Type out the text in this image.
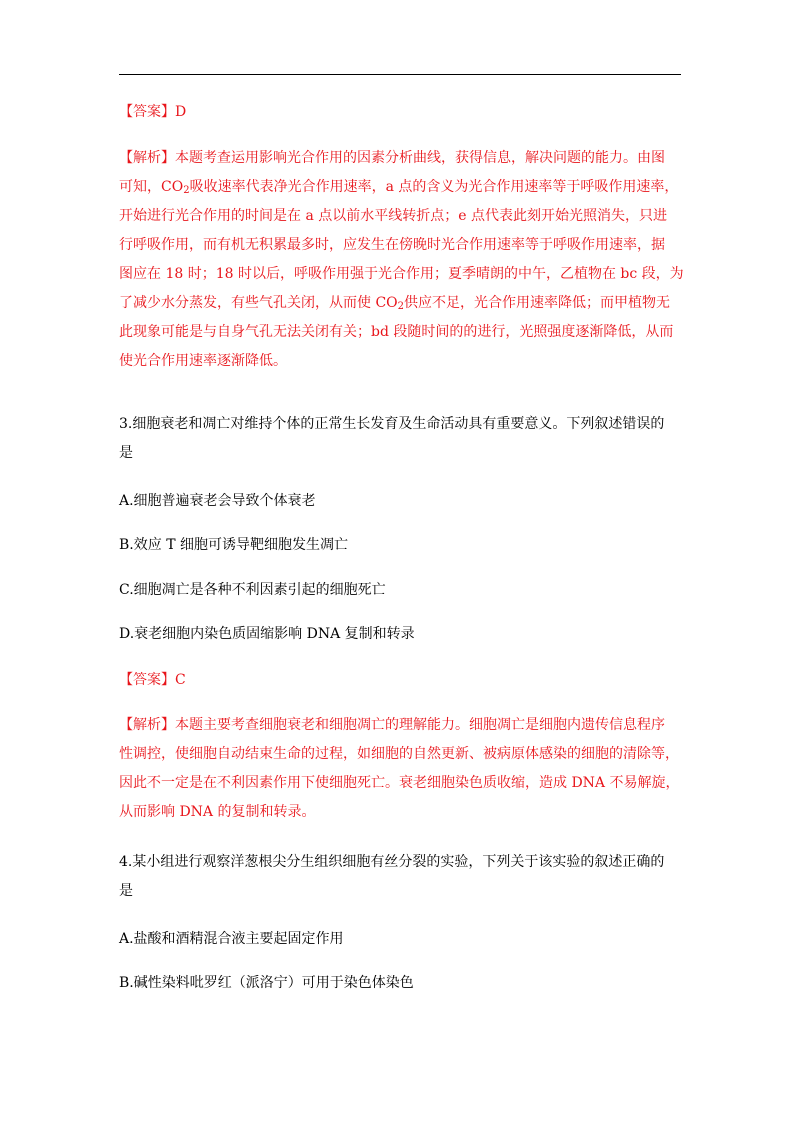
【答案】D

【解析】本题考查运用影响光合作用的因素分析曲线，获得信息，解决问题的能力。由图
可知，$CO_2$吸收速率代表净光合作用速率，a 点的含义为光合作用速率等于呼吸作用速率，
开始进行光合作用的时间是在 a 点以前水平线转折点；e 点代表此刻开始光照消失，只进
行呼吸作用，而有机无积累最多时，应发生在傍晚时光合作用速率等于呼吸作用速率，据
图应在 18 时；18 时以后，呼吸作用强于光合作用；夏季晴朗的中午，乙植物在 bc 段，为
了减少水分蒸发，有些气孔关闭，从而使 $CO_2$供应不足，光合作用速率降低；而甲植物无
此现象可能是与自身气孔无法关闭有关；bd 段随时间的的进行，光照强度逐渐降低，从而
使光合作用速率逐渐降低。
3.细胞衰老和凋亡对维持个体的正常生长发育及生命活动具有重要意义。下列叙述错误的
是

A.细胞普遍衰老会导致个体衰老

B.效应 T 细胞可诱导靶细胞发生凋亡

C.细胞凋亡是各种不利因素引起的细胞死亡

D.衰老细胞内染色质固缩影响 DNA 复制和转录

【答案】C

【解析】本题主要考查细胞衰老和细胞凋亡的理解能力。细胞凋亡是细胞内遗传信息程序
性调控，使细胞自动结束生命的过程，如细胞的自然更新、被病原体感染的细胞的清除等，
因此不一定是在不利因素作用下使细胞死亡。衰老细胞染色质收缩，造成 DNA 不易解旋，
从而影响 DNA 的复制和转录。
4.某小组进行观察洋葱根尖分生组织细胞有丝分裂的实验，下列关于该实验的叙述正确的
是

A.盐酸和酒精混合液主要起固定作用

B.碱性染料吡罗红（派洛宁）可用于染色体染色
